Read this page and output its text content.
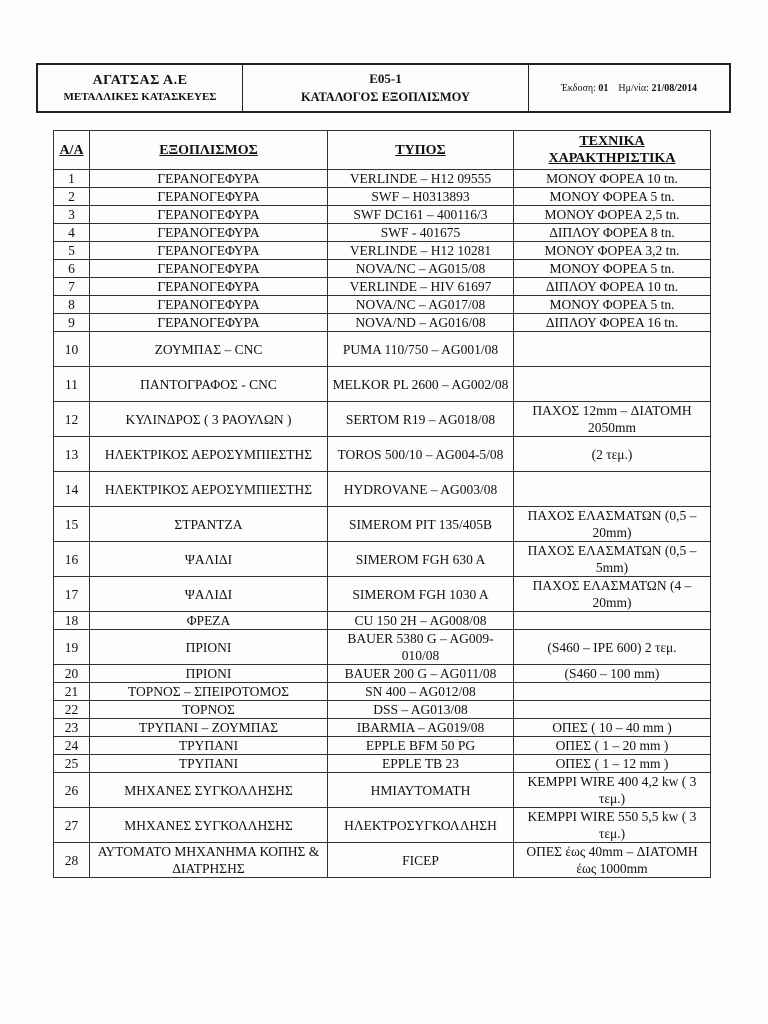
ΑΓΑΤΣΑΣ Α.Ε
ΜΕΤΑΛΛΙΚΕΣ ΚΑΤΑΣΚΕΥΕΣ
Ε05-1
ΚΑΤΑΛΟΓΟΣ ΕΞΟΠΛΙΣΜΟΥ
Έκδοση: 01 Ημ/νία: 21/08/2014
Α/Α	ΕΞΟΠΛΙΣΜΟΣ	ΤΥΠΟΣ	ΤΕΧΝΙΚΑ ΧΑΡΑΚΤΗΡΙΣΤΙΚΑ
1	ΓΕΡΑΝΟΓΕΦΥΡΑ	VERLINDE – H12 09555	ΜΟΝΟΥ ΦΟΡΕΑ 10 tn.
2	ΓΕΡΑΝΟΓΕΦΥΡΑ	SWF – H0313893	ΜΟΝΟΥ ΦΟΡΕΑ 5 tn.
3	ΓΕΡΑΝΟΓΕΦΥΡΑ	SWF DC161 – 400116/3	ΜΟΝΟΥ ΦΟΡΕΑ 2,5 tn.
4	ΓΕΡΑΝΟΓΕΦΥΡΑ	SWF - 401675	ΔΙΠΛΟΥ ΦΟΡΕΑ 8 tn.
5	ΓΕΡΑΝΟΓΕΦΥΡΑ	VERLINDE – H12 10281	ΜΟΝΟΥ ΦΟΡΕΑ 3,2 tn.
6	ΓΕΡΑΝΟΓΕΦΥΡΑ	NOVA/NC – AG015/08	ΜΟΝΟΥ ΦΟΡΕΑ 5 tn.
7	ΓΕΡΑΝΟΓΕΦΥΡΑ	VERLINDE – HIV 61697	ΔΙΠΛΟΥ ΦΟΡΕΑ 10 tn.
8	ΓΕΡΑΝΟΓΕΦΥΡΑ	NOVA/NC – AG017/08	ΜΟΝΟΥ ΦΟΡΕΑ 5 tn.
9	ΓΕΡΑΝΟΓΕΦΥΡΑ	NOVA/ND – AG016/08	ΔΙΠΛΟΥ ΦΟΡΕΑ 16 tn.
10	ΖΟΥΜΠΑΣ – CNC	PUMA 110/750 – AG001/08	
11	ΠΑΝΤΟΓΡΑΦΟΣ - CNC	MELKOR PL 2600 – AG002/08	
12	ΚΥΛΙΝΔΡΟΣ ( 3 ΡΑΟΥΛΩΝ )	SERTOM R19 – AG018/08	ΠΑΧΟΣ 12mm – ΔΙΑΤΟΜΗ 2050mm
13	ΗΛΕΚΤΡΙΚΟΣ ΑΕΡΟΣΥΜΠΙΕΣΤΗΣ	TOROS 500/10 – AG004-5/08	(2 τεμ.)
14	ΗΛΕΚΤΡΙΚΟΣ ΑΕΡΟΣΥΜΠΙΕΣΤΗΣ	HYDROVANE – AG003/08	
15	ΣΤΡΑΝΤΖΑ	SIMEROM PIT 135/405B	ΠΑΧΟΣ ΕΛΑΣΜΑΤΩΝ (0,5 – 20mm)
16	ΨΑΛΙΔΙ	SIMEROM FGH 630 A	ΠΑΧΟΣ ΕΛΑΣΜΑΤΩΝ (0,5 – 5mm)
17	ΨΑΛΙΔΙ	SIMEROM FGH 1030 A	ΠΑΧΟΣ ΕΛΑΣΜΑΤΩΝ (4 – 20mm)
18	ΦΡΕΖΑ	CU 150 2H – AG008/08	
19	ΠΡΙΟΝΙ	BAUER 5380 G – AG009-010/08	(S460 – IPE 600) 2 τεμ.
20	ΠΡΙΟΝΙ	BAUER 200 G – AG011/08	(S460 – 100 mm)
21	ΤΟΡΝΟΣ – ΣΠΕΙΡΟΤΟΜΟΣ	SN 400 – AG012/08	
22	ΤΟΡΝΟΣ	DSS – AG013/08	
23	ΤΡΥΠΑΝΙ – ΖΟΥΜΠΑΣ	IBARMIA – AG019/08	ΟΠΕΣ ( 10 – 40 mm )
24	ΤΡΥΠΑΝΙ	EPPLE BFM 50 PG	ΟΠΕΣ ( 1 – 20 mm )
25	ΤΡΥΠΑΝΙ	EPPLE TB 23	ΟΠΕΣ ( 1 – 12 mm )
26	ΜΗΧΑΝΕΣ ΣΥΓΚΟΛΛΗΣΗΣ	ΗΜΙΑΥΤΟΜΑΤΗ	KEMPPI WIRE 400 4,2 kw ( 3 τεμ.)
27	ΜΗΧΑΝΕΣ ΣΥΓΚΟΛΛΗΣΗΣ	ΗΛΕΚΤΡΟΣΥΓΚΟΛΛΗΣΗ	KEMPPI WIRE 550 5,5 kw ( 3 τεμ.)
28	ΑΥΤΟΜΑΤΟ ΜΗΧΑΝΗΜΑ ΚΟΠΗΣ & ΔΙΑΤΡΗΣΗΣ	FICEP	ΟΠΕΣ έως 40mm – ΔΙΑΤΟΜΗ έως 1000mm
